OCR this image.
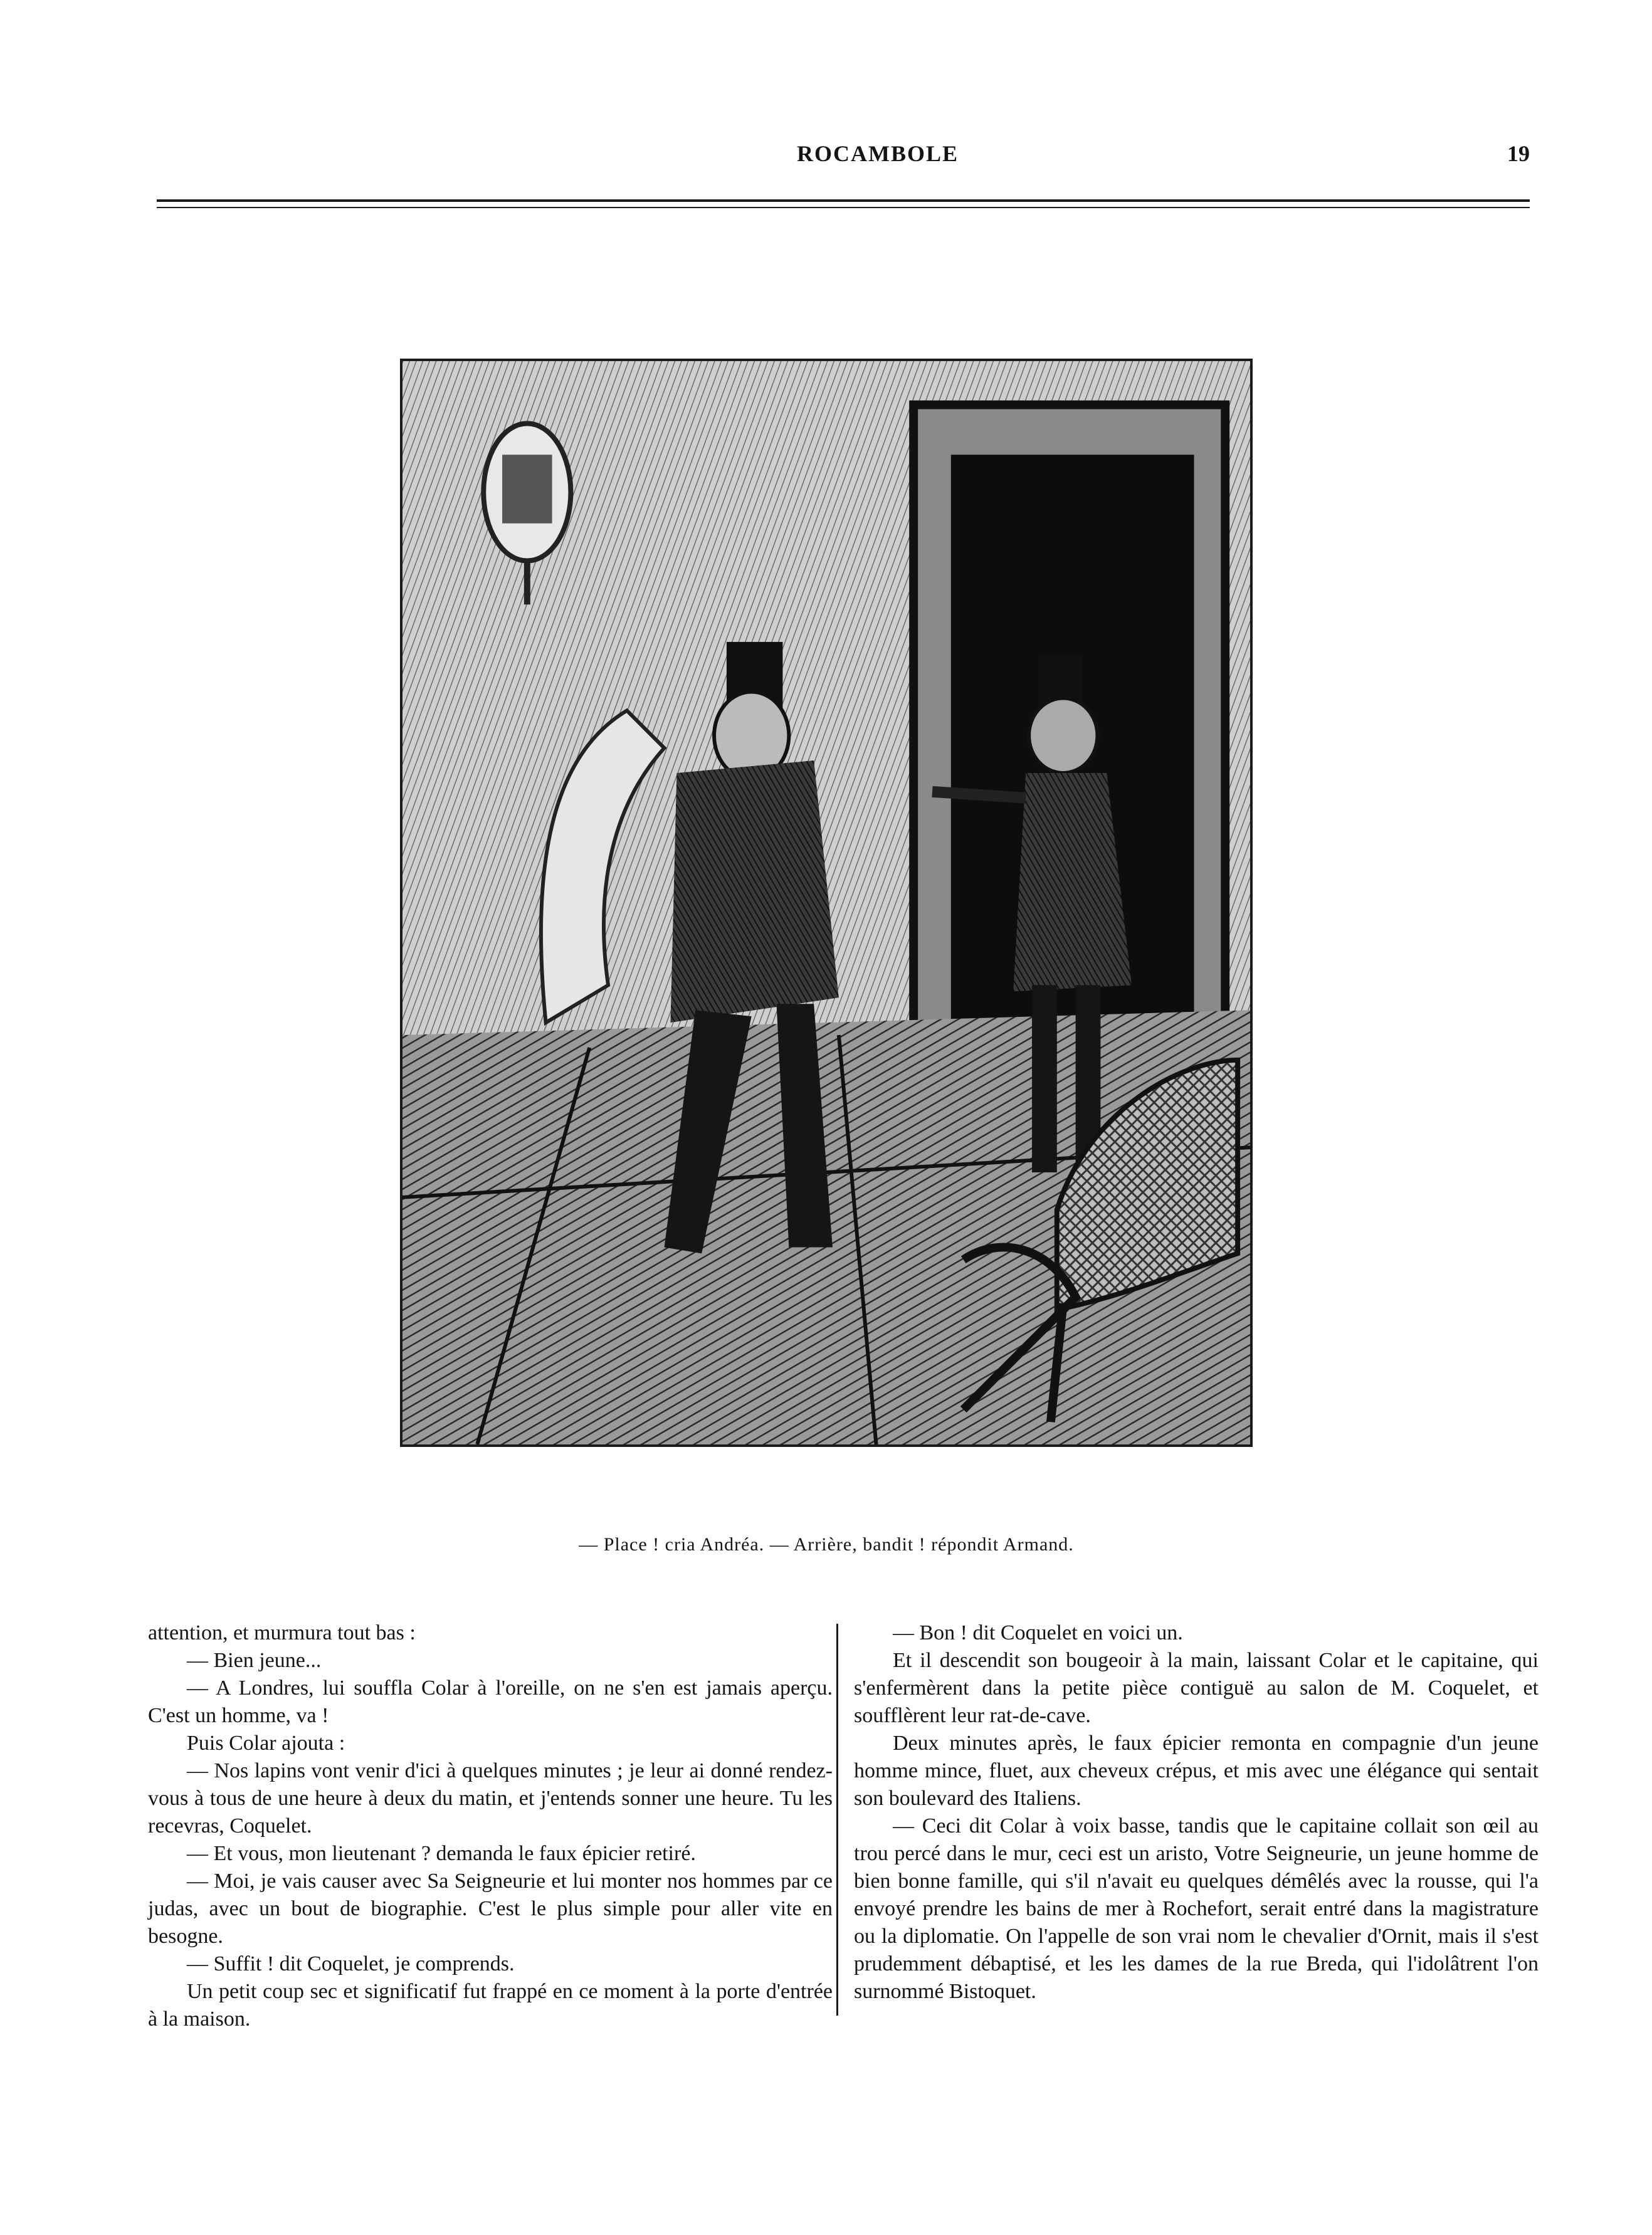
ROCAMBOLE	19
— Place ! cria Andréa. — Arrière, bandit ! répondit Armand.

attention, et murmura tout bas :

— Bien jeune...

— A Londres, lui souffla Colar à l'oreille, on ne s'en est jamais aperçu. C'est un homme, va !

Puis Colar ajouta :

— Nos lapins vont venir d'ici à quelques minutes ; je leur ai donné rendez-vous à tous de une heure à deux du matin, et j'entends sonner une heure. Tu les recevras, Coquelet.

— Et vous, mon lieutenant ? demanda le faux épicier retiré.

— Moi, je vais causer avec Sa Seigneurie et lui monter nos hommes par ce judas, avec un bout de biographie. C'est le plus simple pour aller vite en besogne.

— Suffit ! dit Coquelet, je comprends.

Un petit coup sec et significatif fut frappé en ce moment à la porte d'entrée à la maison.

— Bon ! dit Coquelet en voici un.

Et il descendit son bougeoir à la main, laissant Colar et le capitaine, qui s'enfermèrent dans la petite pièce contiguë au salon de M. Coquelet, et soufflèrent leur rat-de-cave.

Deux minutes après, le faux épicier remonta en compagnie d'un jeune homme mince, fluet, aux cheveux crépus, et mis avec une élégance qui sentait son boulevard des Italiens.

— Ceci dit Colar à voix basse, tandis que le capitaine collait son œil au trou percé dans le mur, ceci est un aristo, Votre Seigneurie, un jeune homme de bien bonne famille, qui s'il n'avait eu quelques démêlés avec la rousse, qui l'a envoyé prendre les bains de mer à Rochefort, serait entré dans la magistrature ou la diplomatie. On l'appelle de son vrai nom le chevalier d'Ornit, mais il s'est prudemment débaptisé, et les les dames de la rue Breda, qui l'idolâtrent l'on surnommé Bistoquet.
